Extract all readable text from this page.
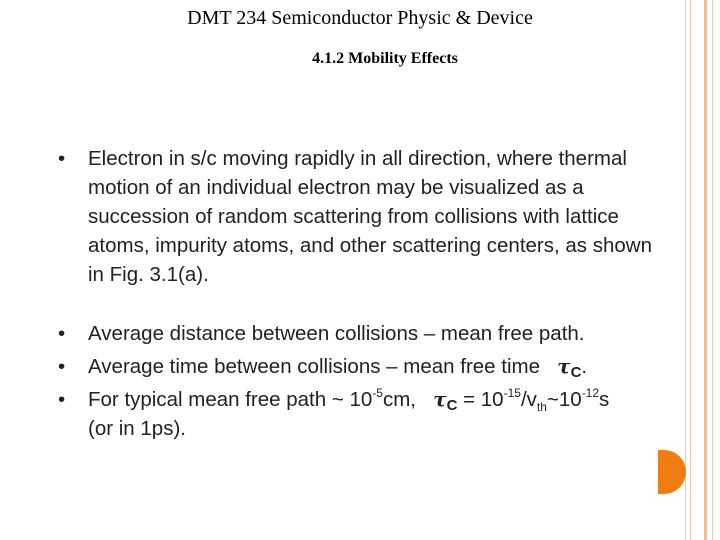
DMT 234 Semiconductor Physic & Device
4.1.2 Mobility Effects
• Electron in s/c moving rapidly in all direction, where thermal motion of an individual electron may be visualized as a succession of random scattering from collisions with lattice atoms, impurity atoms, and other scattering centers, as shown in Fig. 3.1(a).
• Average distance between collisions – mean free path.
• Average time between collisions – mean free time $\tau_C$.
• For typical mean free path ~ $10^{-5}cm$, $\tau_C$ = $10^{-15}/v_{th}\sim 10^{-12}s$
(or in 1ps).
